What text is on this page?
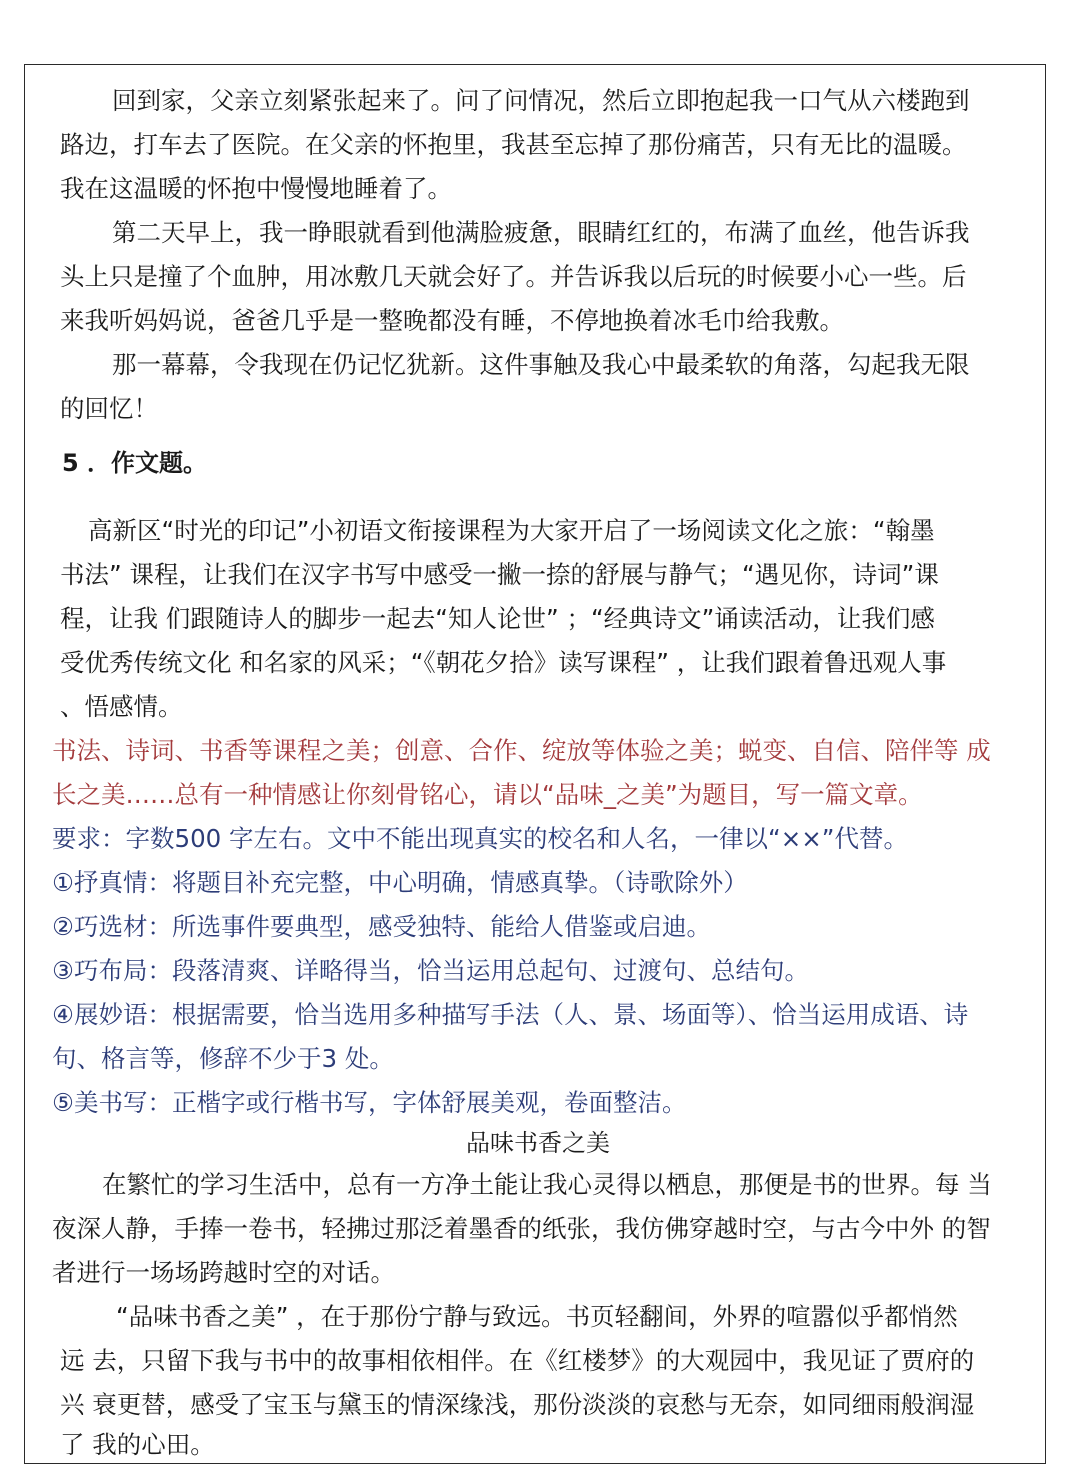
回到家，父亲立刻紧张起来了。问了问情况，然后立即抱起我一口气从六楼跑到
路边，打车去了医院。在父亲的怀抱里，我甚至忘掉了那份痛苦，只有无比的温暖。
我在这温暖的怀抱中慢慢地睡着了。
第二天早上，我一睁眼就看到他满脸疲惫，眼睛红红的，布满了血丝，他告诉我
头上只是撞了个血肿，用冰敷几天就会好了。并告诉我以后玩的时候要小心一些。后
来我听妈妈说，爸爸几乎是一整晚都没有睡，不停地换着冰毛巾给我敷。
那一幕幕，令我现在仍记忆犹新。这件事触及我心中最柔软的角落，勾起我无限
的回忆！
5 ．作文题。
高新区“时光的印记”小初语文衔接课程为大家开启了一场阅读文化之旅：“翰墨
书法” 课程，让我们在汉字书写中感受一撇一捺的舒展与静气；“遇见你，诗词”课
程，让我 们跟随诗人的脚步一起去“知人论世” ；“经典诗文”诵读活动，让我们感
受优秀传统文化 和名家的风采；“《朝花夕拾》读写课程” ，让我们跟着鲁迅观人事
、悟感情。
书法、诗词、书香等课程之美；创意、合作、绽放等体验之美；蜕变、自信、陪伴等 成
长之美……总有一种情感让你刻骨铭心，请以“品味_之美”为题目，写一篇文章。
要求：字数500 字左右。文中不能出现真实的校名和人名，一律以“××”代替。
①抒真情：将题目补充完整，中心明确，情感真挚。（诗歌除外）
②巧选材：所选事件要典型，感受独特、能给人借鉴或启迪。
③巧布局：段落清爽、详略得当，恰当运用总起句、过渡句、总结句。
④展妙语：根据需要，恰当选用多种描写手法（人、景、场面等）、恰当运用成语、诗
句、格言等，修辞不少于3 处。
⑤美书写：正楷字或行楷书写，字体舒展美观，卷面整洁。
品味书香之美
在繁忙的学习生活中，总有一方净土能让我心灵得以栖息，那便是书的世界。每 当
夜深人静，手捧一卷书，轻拂过那泛着墨香的纸张，我仿佛穿越时空，与古今中外 的智
者进行一场场跨越时空的对话。
“品味书香之美” ，在于那份宁静与致远。书页轻翻间，外界的喧嚣似乎都悄然
远 去，只留下我与书中的故事相依相伴。在《红楼梦》的大观园中，我见证了贾府的
兴 衰更替，感受了宝玉与黛玉的情深缘浅，那份淡淡的哀愁与无奈，如同细雨般润湿
了 我的心田。
